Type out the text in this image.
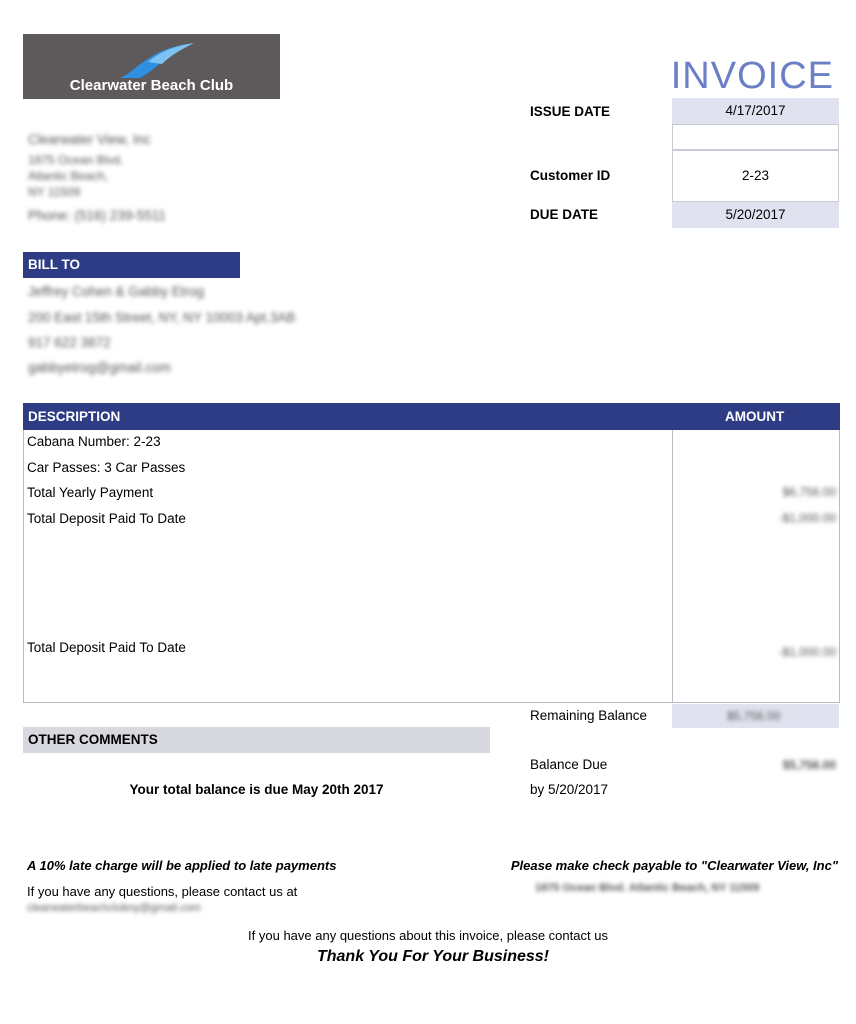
Clearwater Beach Club
Clearwater View, Inc
1875 Ocean Blvd.
Atlantic Beach,
NY 11509
Phone: (516) 239-5511
INVOICE
ISSUE DATE	4/17/2017
Customer ID	2-23
DUE DATE	5/20/2017
BILL TO
Jeffrey Cohen & Gabby Etrog
200 East 15th Street, NY, NY 10003 Apt.3AB
917 622 3872
gabbyetrog@gmail.com
DESCRIPTION	AMOUNT
Cabana Number: 2-23
Car Passes: 3 Car Passes
Total Yearly Payment	$6,756.00
Total Deposit Paid To Date	-$1,000.00
Total Deposit Paid To Date	-$1,000.00
Remaining Balance	$5,756.00
Balance Due	$5,756.00
by 5/20/2017
OTHER COMMENTS
Your total balance is due May 20th 2017
A 10% late charge will be applied to late payments
If you have any questions, please contact us at
clearwaterbeachclubny@gmail.com
Please make check payable to "Clearwater View, Inc"
1875 Ocean Blvd. Atlantic Beach, NY 11509
If you have any questions about this invoice, please contact us
Thank You For Your Business!
